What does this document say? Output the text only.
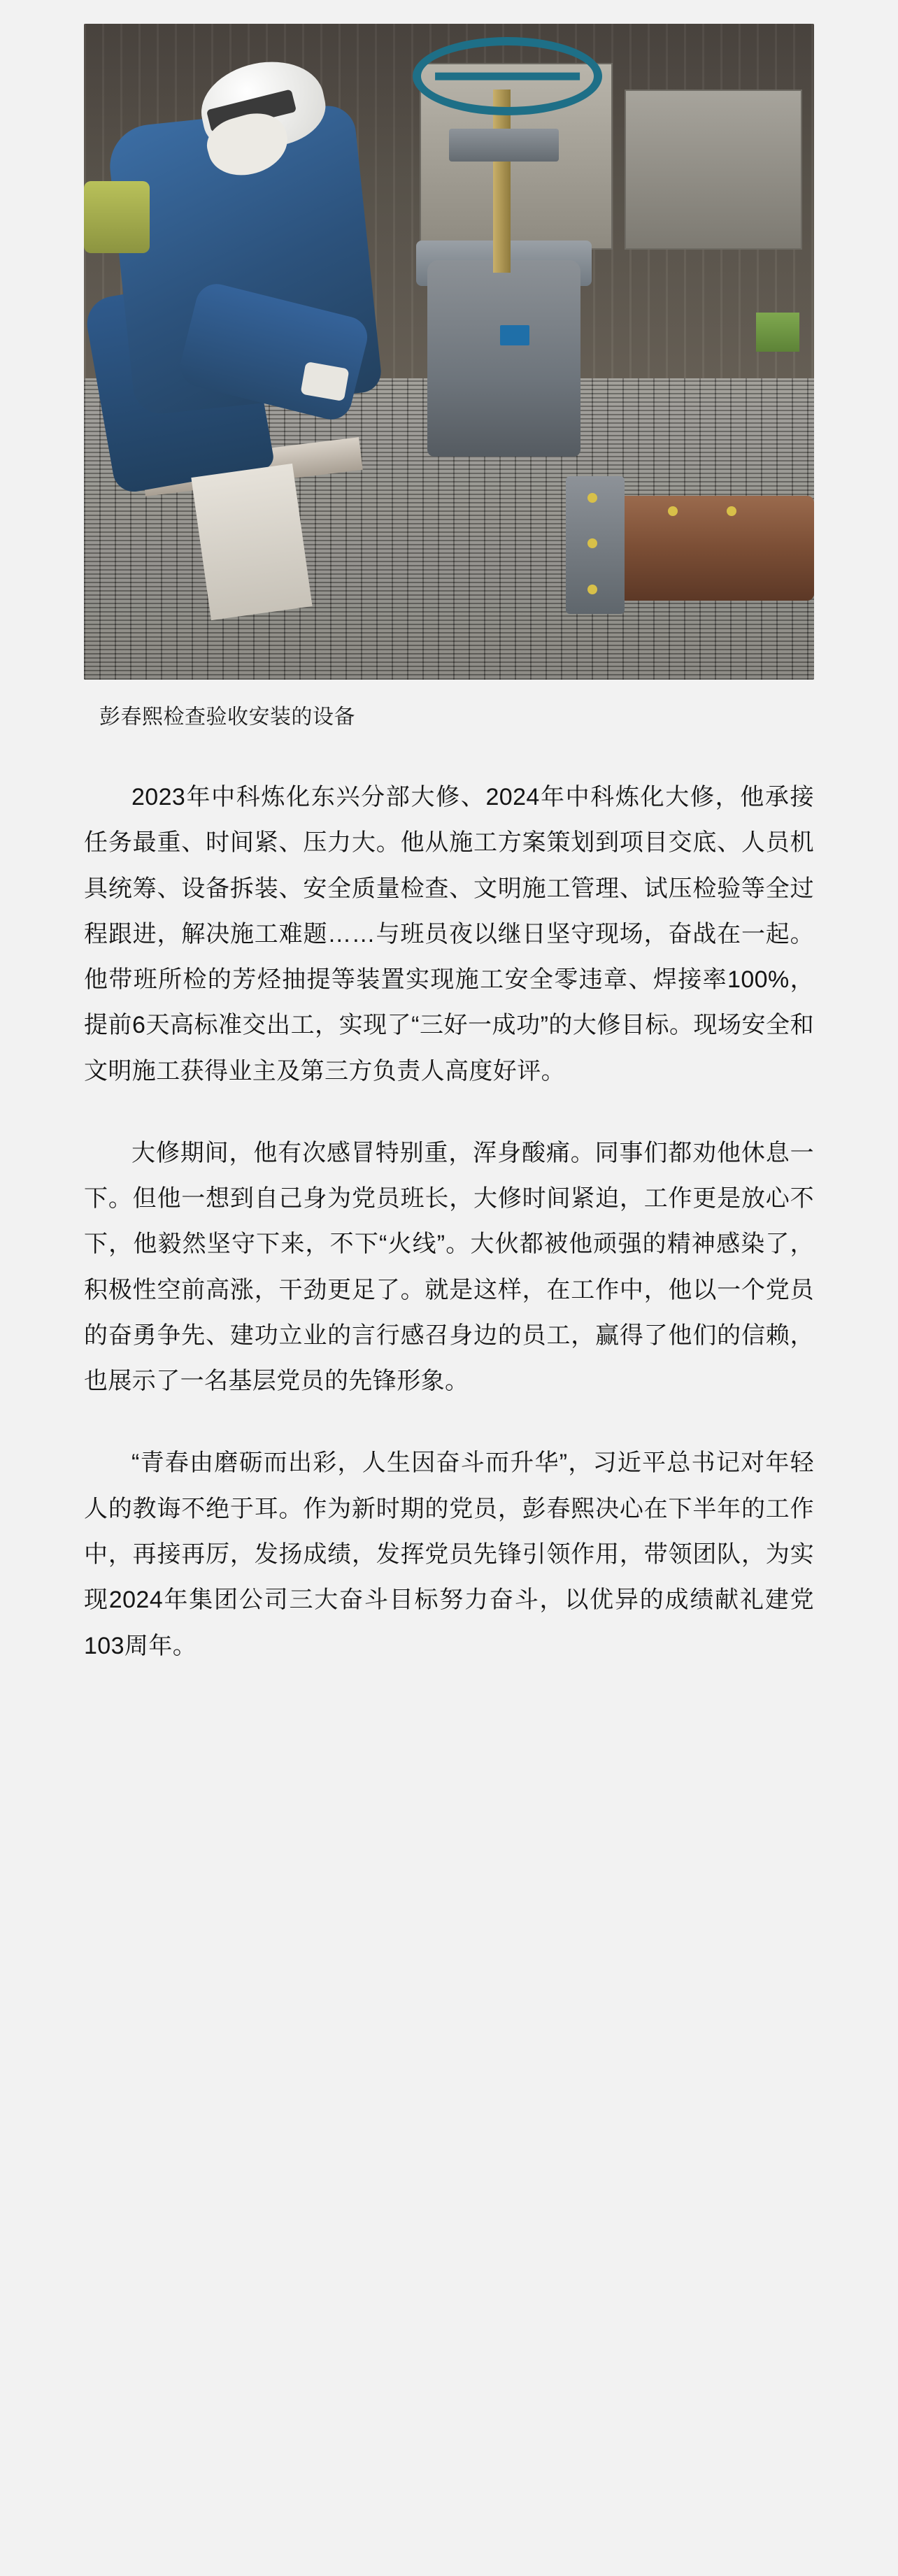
彭春熙检查验收安装的设备

2023年中科炼化东兴分部大修、2024年中科炼化大修，他承接任务最重、时间紧、压力大。他从施工方案策划到项目交底、人员机具统筹、设备拆装、安全质量检查、文明施工管理、试压检验等全过程跟进，解决施工难题……与班员夜以继日坚守现场，奋战在一起。他带班所检的芳烃抽提等装置实现施工安全零违章、焊接率100%，提前6天高标准交出工，实现了“三好一成功”的大修目标。现场安全和文明施工获得业主及第三方负责人高度好评。

大修期间，他有次感冒特别重，浑身酸痛。同事们都劝他休息一下。但他一想到自己身为党员班长，大修时间紧迫，工作更是放心不下，他毅然坚守下来，不下“火线”。大伙都被他顽强的精神感染了，积极性空前高涨，干劲更足了。就是这样，在工作中，他以一个党员的奋勇争先、建功立业的言行感召身边的员工，赢得了他们的信赖，也展示了一名基层党员的先锋形象。

“青春由磨砺而出彩，人生因奋斗而升华”，习近平总书记对年轻人的教诲不绝于耳。作为新时期的党员，彭春熙决心在下半年的工作中，再接再厉，发扬成绩，发挥党员先锋引领作用，带领团队，为实现2024年集团公司三大奋斗目标努力奋斗，以优异的成绩献礼建党103周年。
